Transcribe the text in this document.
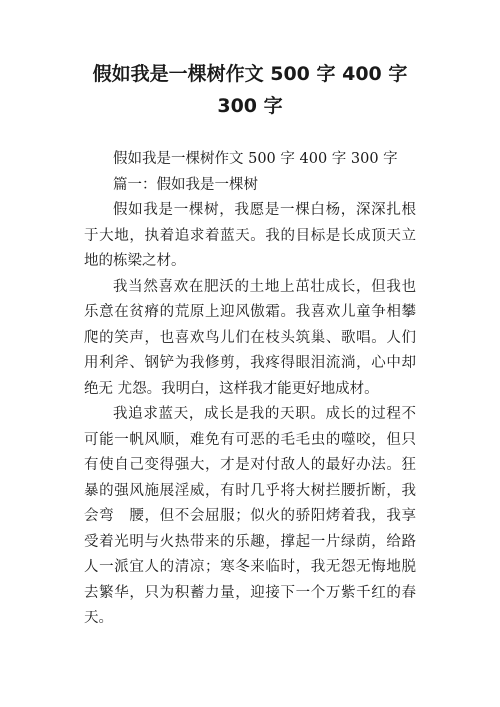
假如我是一棵树作文 500 字 400 字
300 字

假如我是一棵树作文 500 字 400 字 300 字

篇一：假如我是一棵树

假如我是一棵树，我愿是一棵白杨，深深扎根于大地，执着追求着蓝天。我的目标是长成顶天立地的栋梁之材。

我当然喜欢在肥沃的土地上茁壮成长，但我也乐意在贫瘠的荒原上迎风傲霜。我喜欢儿童争相攀爬的笑声，也喜欢鸟儿们在枝头筑巢、歌唱。人们用利斧、钢铲为我修剪，我疼得眼泪流淌，心中却绝无 尤怨。我明白，这样我才能更好地成材。

我追求蓝天，成长是我的天职。成长的过程不可能一帆风顺，难免有可恶的毛毛虫的噬咬，但只有使自己变得强大，才是对付敌人的最好办法。狂暴的强风施展淫威，有时几乎将大树拦腰折断，我会弯　腰，但不会屈服；似火的骄阳烤着我，我享受着光明与火热带来的乐趣，撑起一片绿荫，给路人一派宜人的清凉；寒冬来临时，我无怨无悔地脱去繁华，只为积蓄力量，迎接下一个万紫千红的春天。
